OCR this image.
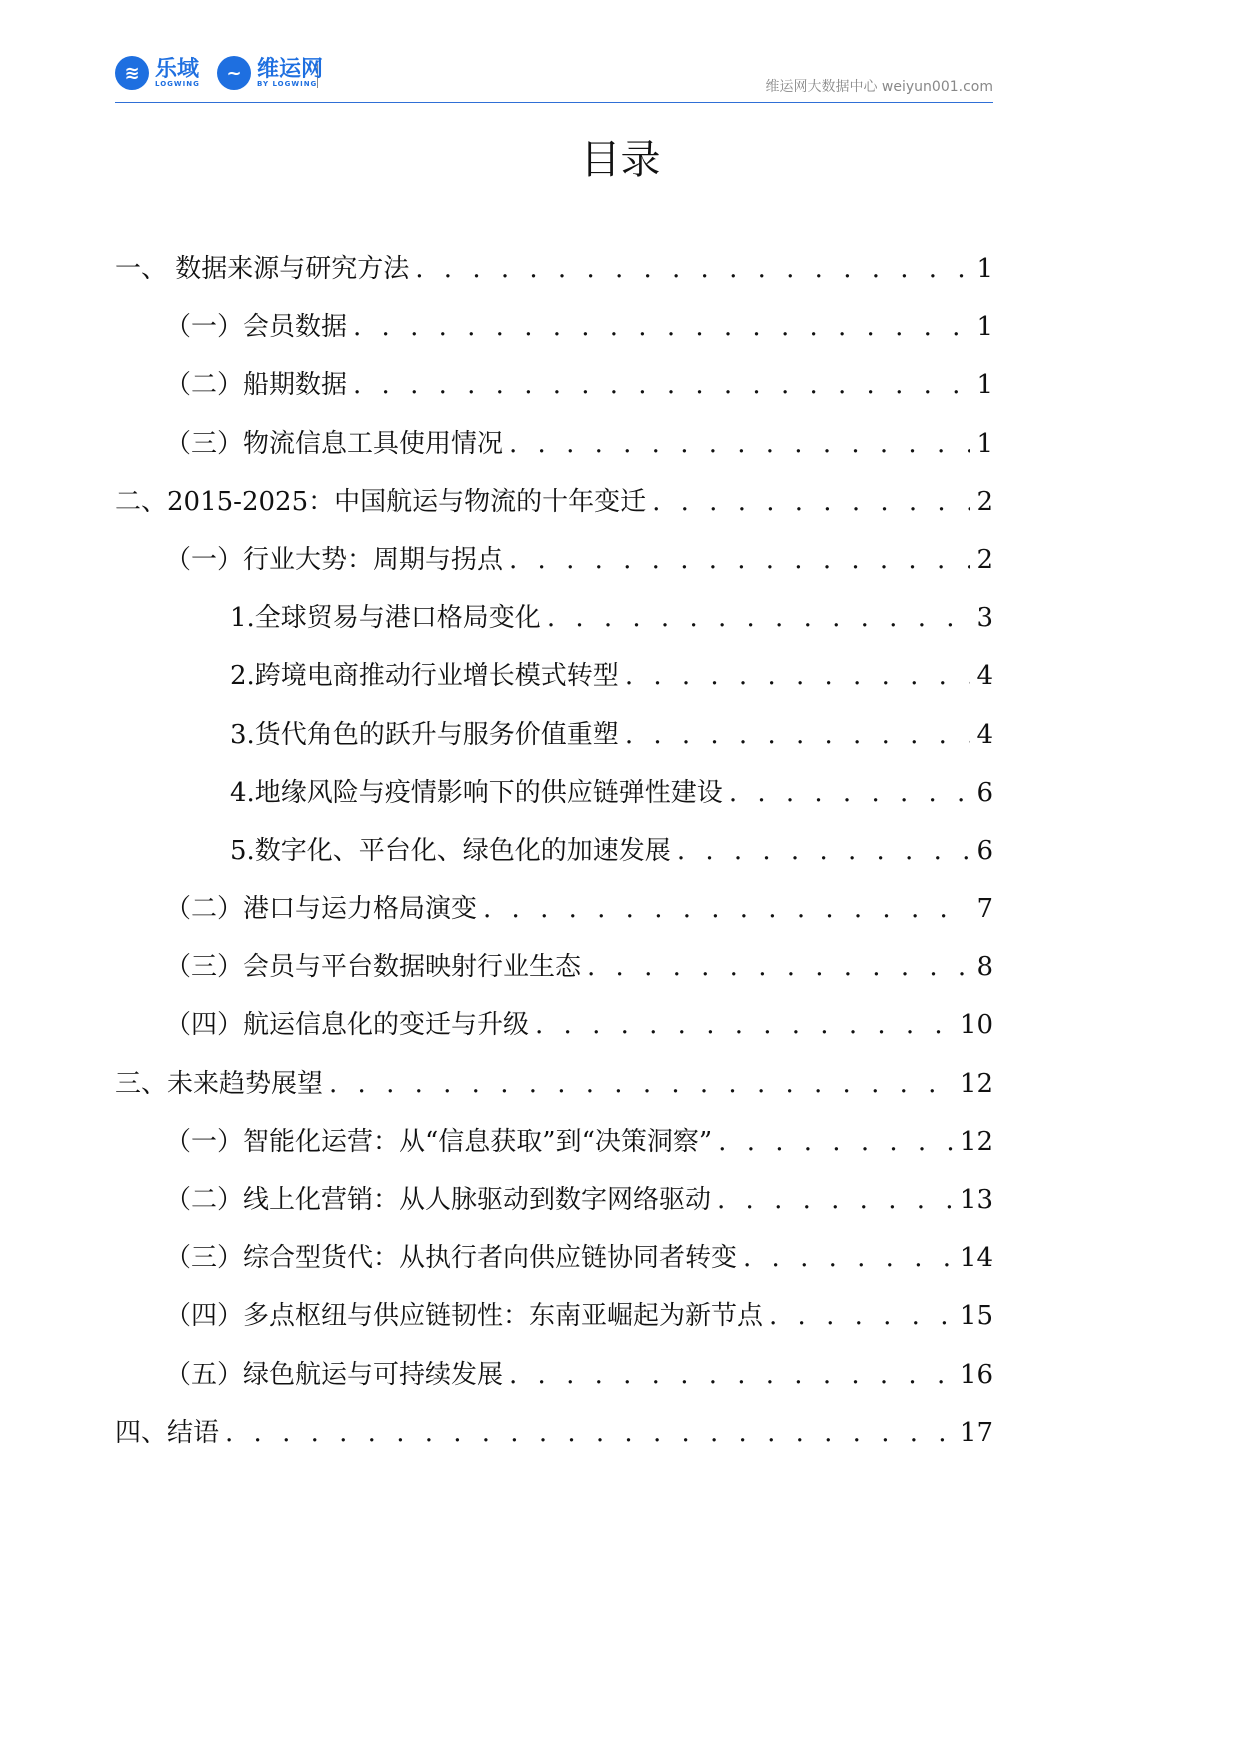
≋ 乐域
LOGWING	~ 维运网
BY LOGWING	维运网大数据中心 weiyun001.com
目录
一、 数据来源与研究方法 . . .	1
（一）会员数据 . . .	1
（二）船期数据 . . .	1
（三）物流信息工具使用情况 . . .	1
二、2015-2025：中国航运与物流的十年变迁 . . .	2
（一）行业大势：周期与拐点 . . .	2
1.全球贸易与港口格局变化 . . .	3
2.跨境电商推动行业增长模式转型 . . .	4
3.货代角色的跃升与服务价值重塑 . . .	4
4.地缘风险与疫情影响下的供应链弹性建设 . . .	6
5.数字化、平台化、绿色化的加速发展 . . .	6
（二）港口与运力格局演变 . . .	7
（三）会员与平台数据映射行业生态 . . .	8
（四）航运信息化的变迁与升级 . . .	10
三、未来趋势展望 . . .	12
（一）智能化运营：从“信息获取”到“决策洞察” . . .	12
（二）线上化营销：从人脉驱动到数字网络驱动 . . .	13
（三）综合型货代：从执行者向供应链协同者转变 . . .	14
（四）多点枢纽与供应链韧性：东南亚崛起为新节点 . . .	15
（五）绿色航运与可持续发展 . . .	16
四、结语 . . .	17
